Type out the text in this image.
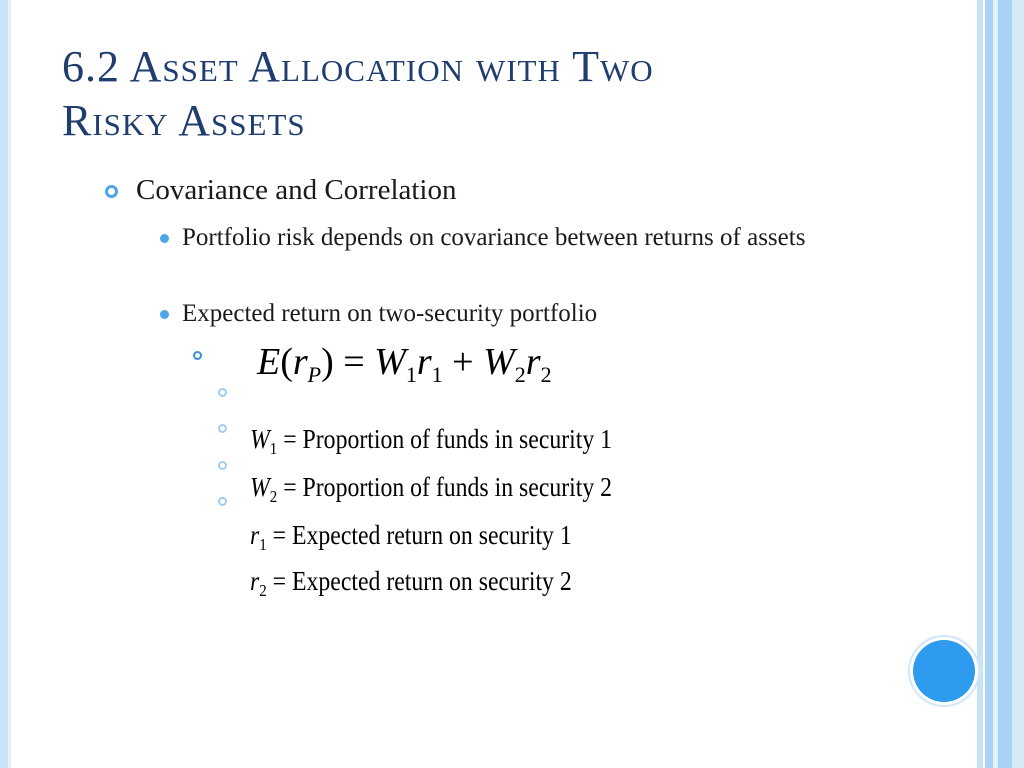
6.2 Asset Allocation with Two
Risky Assets
Covariance and Correlation
Portfolio risk depends on covariance between returns of assets
Expected return on two-security portfolio
$E(r_P) = W_1r_1 + W_2r_2$
$W_1$ = Proportion of funds in security 1
$W_2$ = Proportion of funds in security 2
$r_1$ = Expected return on security 1
$r_2$ = Expected return on security 2
